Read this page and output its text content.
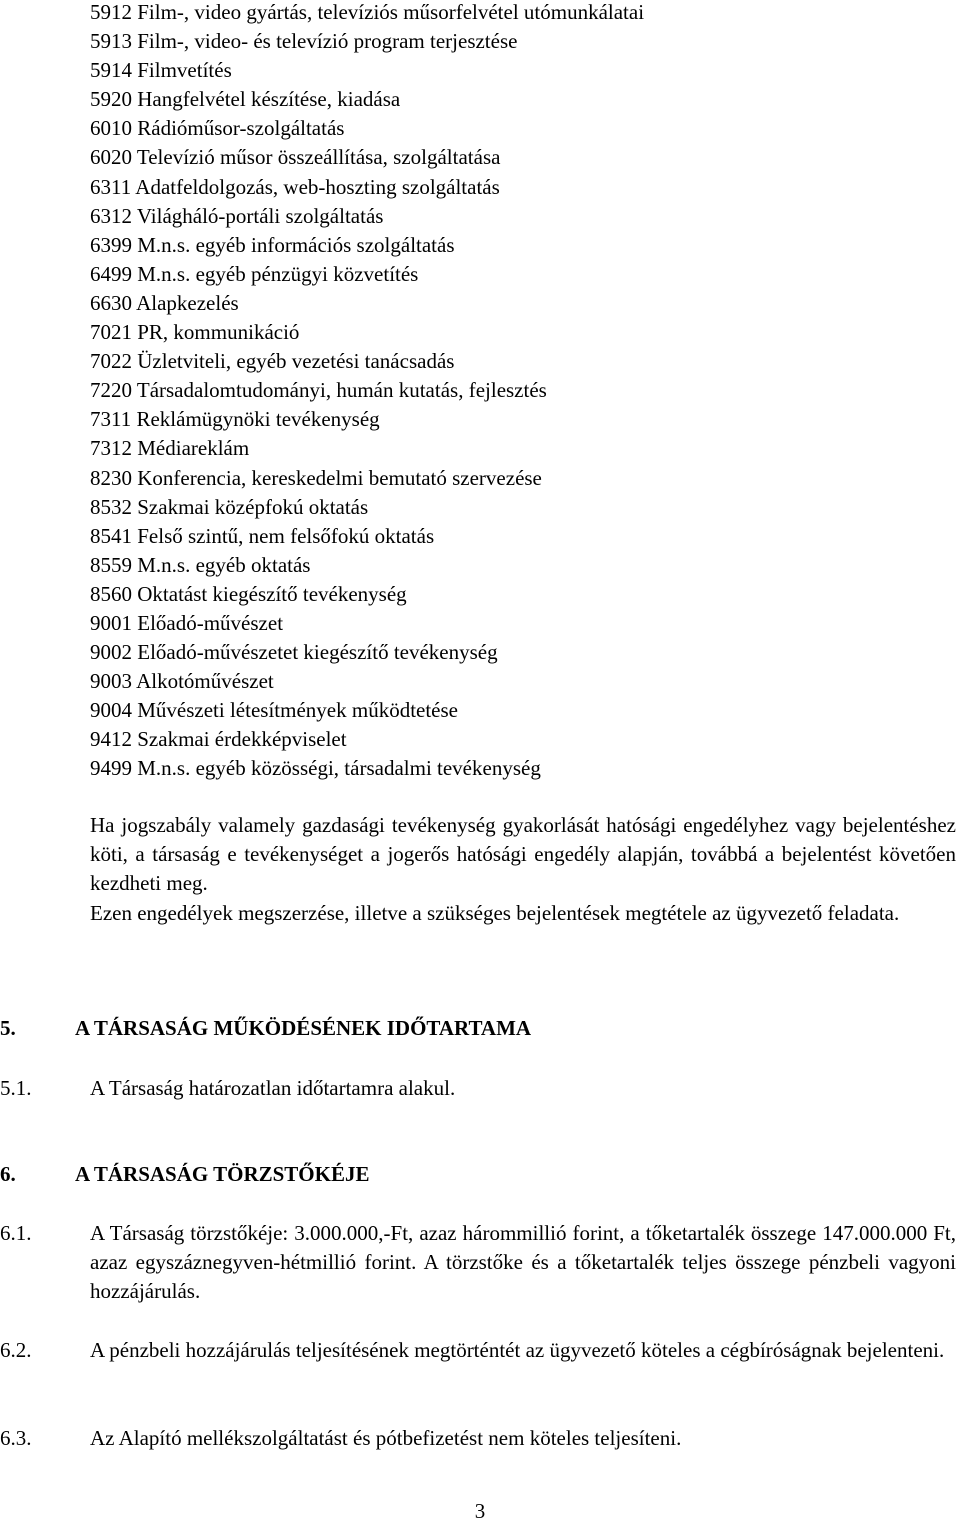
5912 Film-, video gyártás, televíziós műsorfelvétel utómunkálatai
5913 Film-, video- és televízió program terjesztése
5914 Filmvetítés
5920 Hangfelvétel készítése, kiadása
6010 Rádióműsor-szolgáltatás
6020 Televízió műsor összeállítása, szolgáltatása
6311 Adatfeldolgozás, web-hoszting szolgáltatás
6312 Világháló-portáli szolgáltatás
6399 M.n.s. egyéb információs szolgáltatás
6499 M.n.s. egyéb pénzügyi közvetítés
6630 Alapkezelés
7021 PR, kommunikáció
7022 Üzletviteli, egyéb vezetési tanácsadás
7220 Társadalomtudományi, humán kutatás, fejlesztés
7311 Reklámügynöki tevékenység
7312 Médiareklám
8230 Konferencia, kereskedelmi bemutató szervezése
8532 Szakmai középfokú oktatás
8541 Felső szintű, nem felsőfokú oktatás
8559 M.n.s. egyéb oktatás
8560 Oktatást kiegészítő tevékenység
9001 Előadó-művészet
9002 Előadó-művészetet kiegészítő tevékenység
9003 Alkotóművészet
9004 Művészeti létesítmények működtetése
9412 Szakmai érdekképviselet
9499 M.n.s. egyéb közösségi, társadalmi tevékenység
Ha jogszabály valamely gazdasági tevékenység gyakorlását hatósági engedélyhez vagy bejelentéshez köti, a társaság e tevékenységet a jogerős hatósági engedély alapján, továbbá a bejelentést követően kezdheti meg.
Ezen engedélyek megszerzése, illetve a szükséges bejelentések megtétele az ügyvezető feladata.
5.	A TÁRSASÁG MŰKÖDÉSÉNEK IDŐTARTAMA
5.1.	A Társaság határozatlan időtartamra alakul.
6.	A TÁRSASÁG TÖRZSTŐKÉJE
6.1.	A Társaság törzstőkéje: 3.000.000,-Ft, azaz hárommillió forint, a tőketartalék összege 147.000.000 Ft, azaz egyszáznegyven-hétmillió forint. A törzstőke és a tőketartalék teljes összege pénzbeli vagyoni hozzájárulás.
6.2.	A pénzbeli hozzájárulás teljesítésének megtörténtét az ügyvezető köteles a cégbíróságnak bejelenteni.
6.3.	Az Alapító mellékszolgáltatást és pótbefizetést nem köteles teljesíteni.
3
